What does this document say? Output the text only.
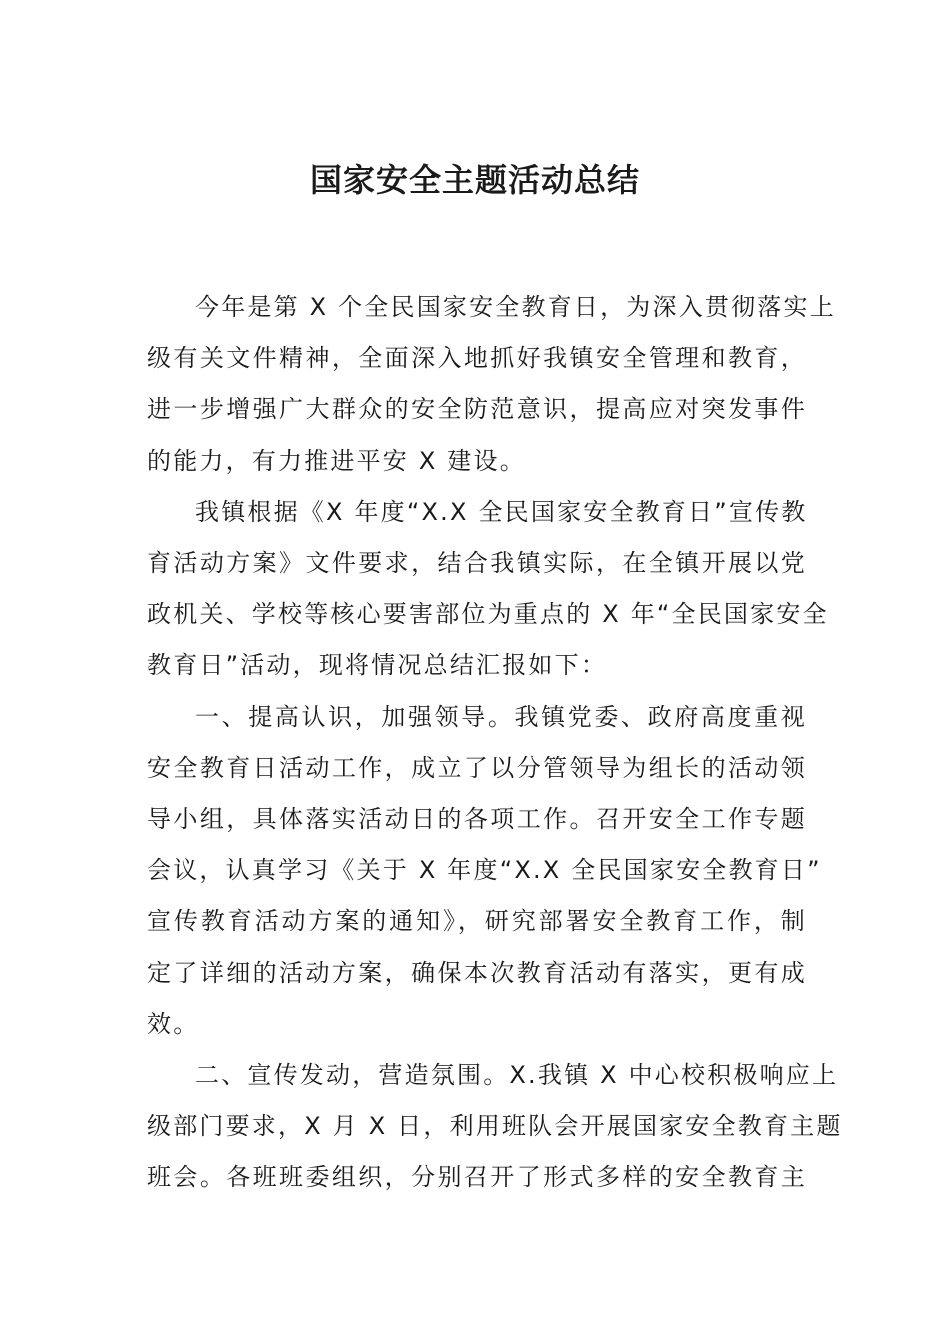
国家安全主题活动总结

今年是第 X 个全民国家安全教育日，为深入贯彻落实上
级有关文件精神，全面深入地抓好我镇安全管理和教育，
进一步增强广大群众的安全防范意识，提高应对突发事件
的能力，有力推进平安 X 建设。

我镇根据《X 年度“X.X 全民国家安全教育日”宣传教
育活动方案》文件要求，结合我镇实际，在全镇开展以党
政机关、学校等核心要害部位为重点的 X 年“全民国家安全
教育日”活动，现将情况总结汇报如下：

一、提高认识，加强领导。我镇党委、政府高度重视
安全教育日活动工作，成立了以分管领导为组长的活动领
导小组，具体落实活动日的各项工作。召开安全工作专题
会议，认真学习《关于 X 年度“X.X 全民国家安全教育日”
宣传教育活动方案的通知》，研究部署安全教育工作，制
定了详细的活动方案，确保本次教育活动有落实，更有成
效。

二、宣传发动，营造氛围。X.我镇 X 中心校积极响应上
级部门要求，X 月 X 日，利用班队会开展国家安全教育主题
班会。各班班委组织，分别召开了形式多样的安全教育主
